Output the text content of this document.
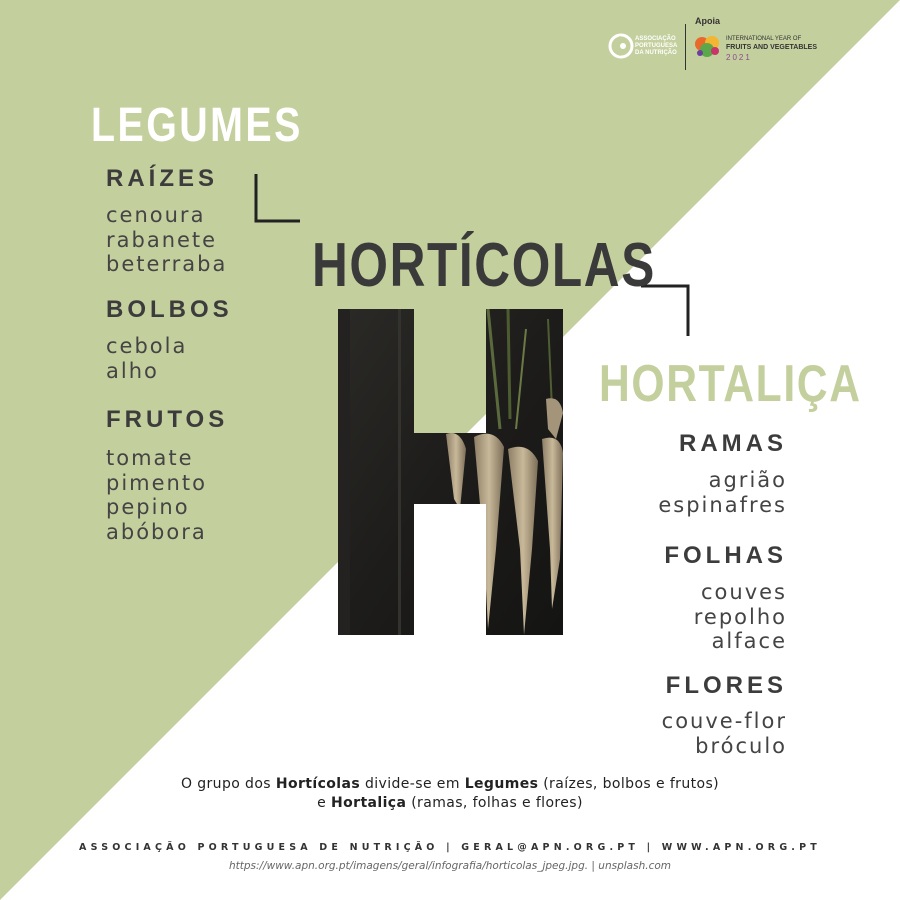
ASSOCIAÇÃO PORTUGUESA DA NUTRIÇÃO
Apoia
INTERNATIONAL YEAR OF
FRUITS AND VEGETABLES
2021
LEGUMES
RAÍZES
cenoura
rabanete
beterraba
BOLBOS
cebola
alho
FRUTOS
tomate
pimento
pepino
abóbora
HORTÍCOLAS
HORTALIÇA
RAMAS
agrião
espinafres
FOLHAS
couves
repolho
alface
FLORES
couve-flor
bróculo
O grupo dos Hortícolas divide-se em Legumes (raízes, bolbos e frutos)
e Hortaliça (ramas, folhas e flores)
ASSOCIAÇÃO PORTUGUESA DE NUTRIÇÃO | GERAL@APN.ORG.PT | WWW.APN.ORG.PT
https://www.apn.org.pt/imagens/geral/infografia/horticolas_jpeg.jpg. | unsplash.com
